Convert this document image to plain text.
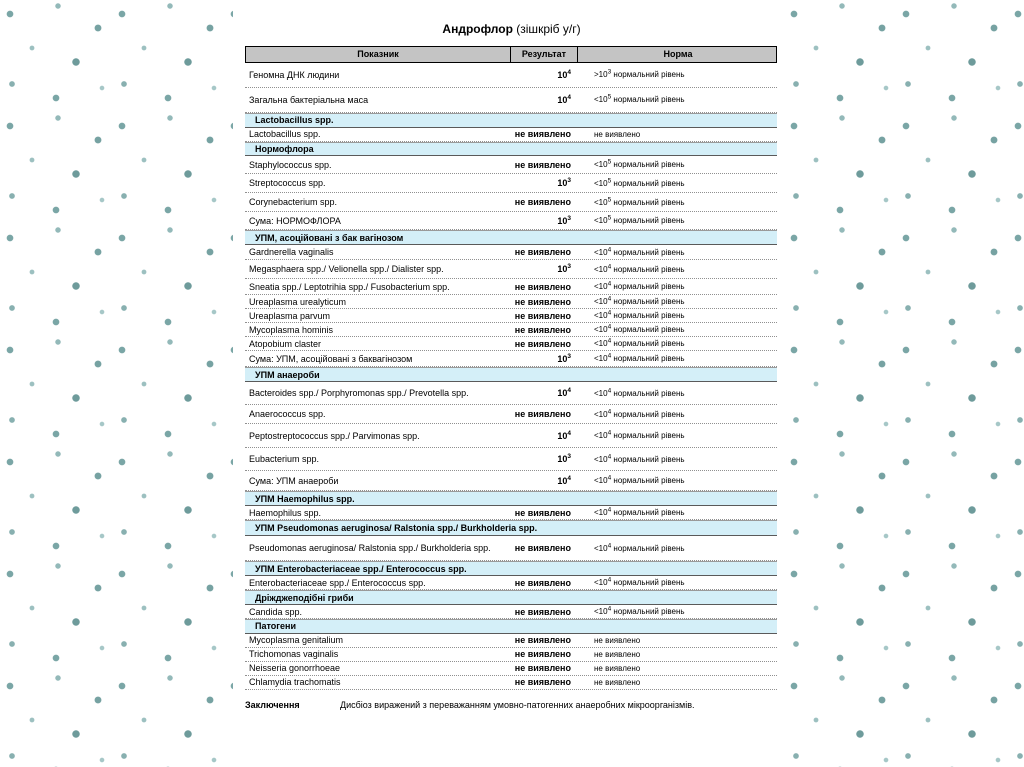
Андрофлор (зішкріб у/г)
Показник	Результат	Норма
Геномна ДНК людини	$10^4$	$>10^3$ нормальний рівень
Загальна бактеріальна маса	$10^4$	$<10^5$ нормальний рівень
Lactobacillus spp.
Lactobacillus spp.	не виявлено	не виявлено
Нормофлора
Staphylococcus spp.	не виявлено	$<10^5$ нормальний рівень
Streptococcus spp.	$10^3$	$<10^5$ нормальний рівень
Corynebacterium spp.	не виявлено	$<10^5$ нормальний рівень
Сума: НОРМОФЛОРА	$10^3$	$<10^5$ нормальний рівень
УПМ, асоційовані з бак вагінозом
Gardnerella vaginalis	не виявлено	$<10^4$ нормальний рівень
Megasphaera spp./ Velionella spp./ Dialister spp.	$10^3$	$<10^4$ нормальний рівень
Sneatia spp./ Leptotrihia spp./ Fusobacterium spp.	не виявлено	$<10^4$ нормальний рівень
Ureaplasma urealyticum	не виявлено	$<10^4$ нормальний рівень
Ureaplasma parvum	не виявлено	$<10^4$ нормальний рівень
Mycoplasma hominis	не виявлено	$<10^4$ нормальний рівень
Atopobium claster	не виявлено	$<10^4$ нормальний рівень
Сума: УПМ, асоційовані з баквагінозом	$10^3$	$<10^4$ нормальний рівень
УПМ анаероби
Bacteroides spp./ Porphyromonas spp./ Prevotella spp.	$10^4$	$<10^4$ нормальний рівень
Anaerococcus spp.	не виявлено	$<10^4$ нормальний рівень
Peptostreptococcus spp./ Parvimonas spp.	$10^4$	$<10^4$ нормальний рівень
Eubacterium spp.	$10^3$	$<10^4$ нормальний рівень
Сума: УПМ анаероби	$10^4$	$<10^4$ нормальний рівень
УПМ Haemophilus spp.
Haemophilus spp.	не виявлено	$<10^4$ нормальний рівень
УПМ Pseudomonas aeruginosa/ Ralstonia spp./ Burkholderia spp.
Pseudomonas aeruginosa/ Ralstonia spp./ Burkholderia spp.	не виявлено	$<10^4$ нормальний рівень
УПМ Enterobacteriaceae spp./ Enterococcus spp.
Enterobacteriaceae spp./ Enterococcus spp.	не виявлено	$<10^4$ нормальний рівень
Дріжджеподібні гриби
Candida spp.	не виявлено	$<10^4$ нормальний рівень
Патогени
Mycoplasma genitalium	не виявлено	не виявлено
Trichomonas vaginalis	не виявлено	не виявлено
Neisseria gonorrhoeae	не виявлено	не виявлено
Chlamydia trachomatis	не виявлено	не виявлено
Заключення	Дисбіоз виражений з переважанням умовно-патогенних анаеробних мікроорганізмів.
